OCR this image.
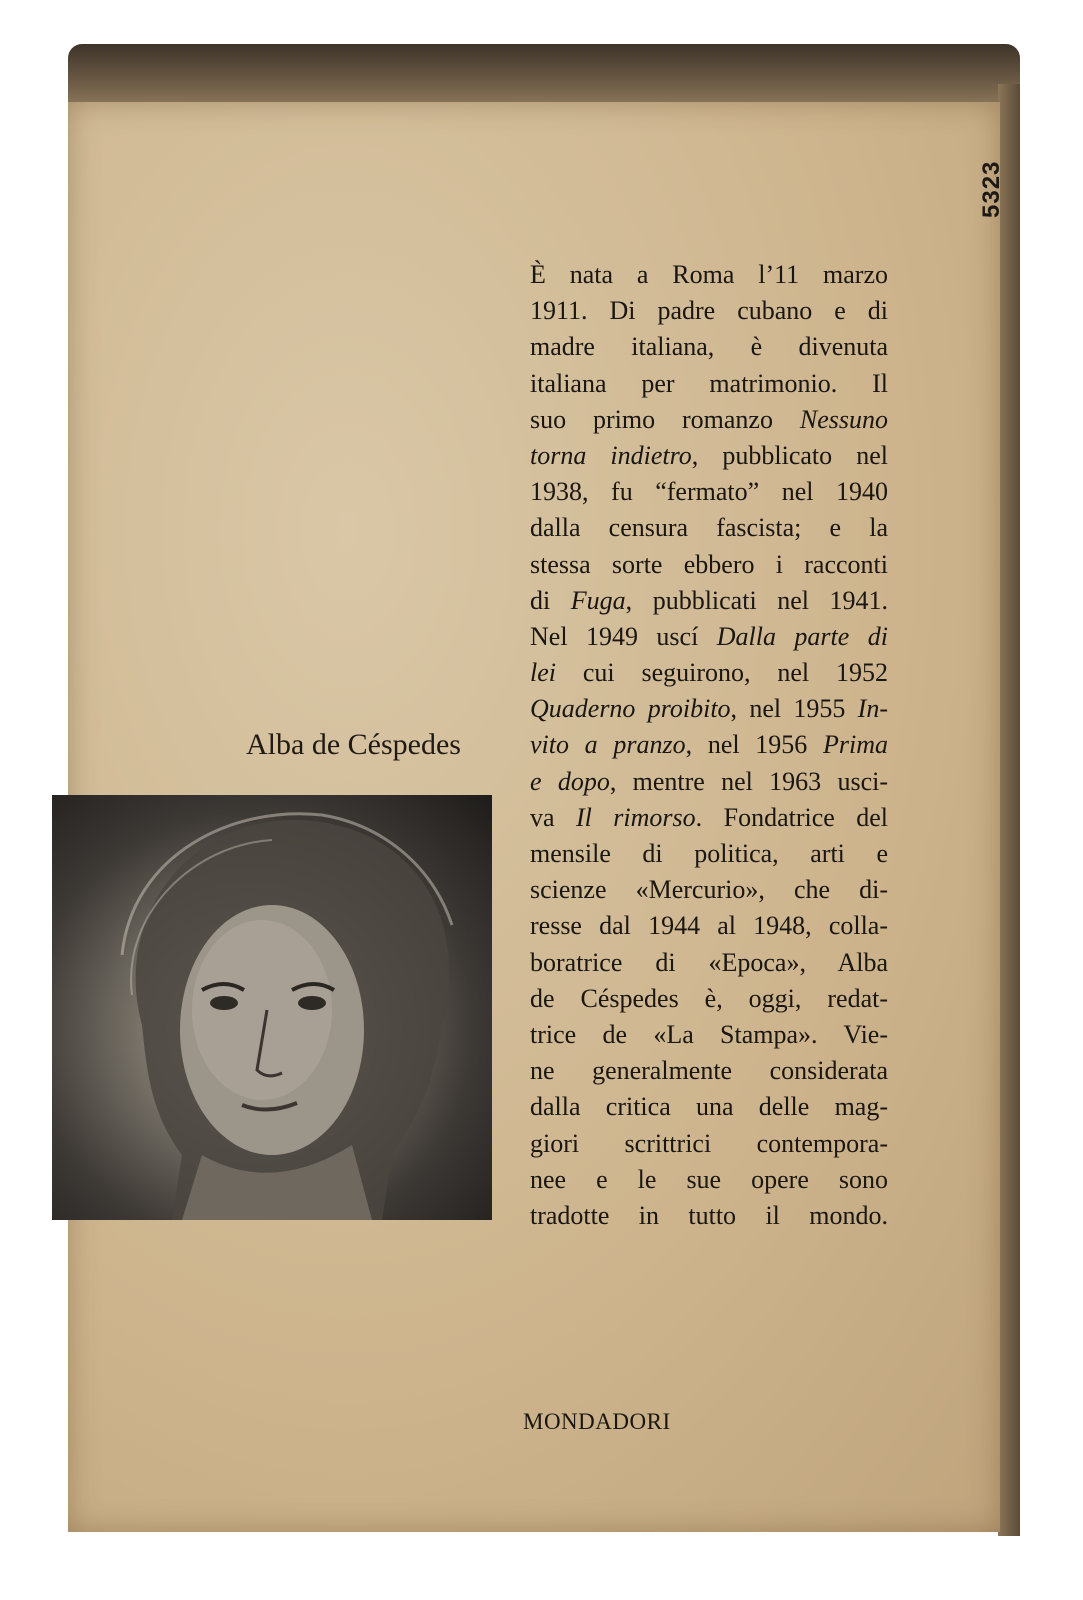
5323
Alba de Céspedes
È nata a Roma l’11 marzo
1911. Di padre cubano e di
madre italiana, è divenuta
italiana per matrimonio. Il
suo primo romanzo Nessuno
torna indietro, pubblicato nel
1938, fu “fermato” nel 1940
dalla censura fascista; e la
stessa sorte ebbero i racconti
di Fuga, pubblicati nel 1941.
Nel 1949 uscí Dalla parte di
lei cui seguirono, nel 1952
Quaderno proibito, nel 1955 In-
vito a pranzo, nel 1956 Prima
e dopo, mentre nel 1963 usci-
va Il rimorso. Fondatrice del
mensile di politica, arti e
scienze «Mercurio», che di-
resse dal 1944 al 1948, colla-
boratrice di «Epoca», Alba
de Céspedes è, oggi, redat-
trice de «La Stampa». Vie-
ne generalmente considerata
dalla critica una delle mag-
giori scrittrici contempora-
nee e le sue opere sono
tradotte in tutto il mondo.
MONDADORI
